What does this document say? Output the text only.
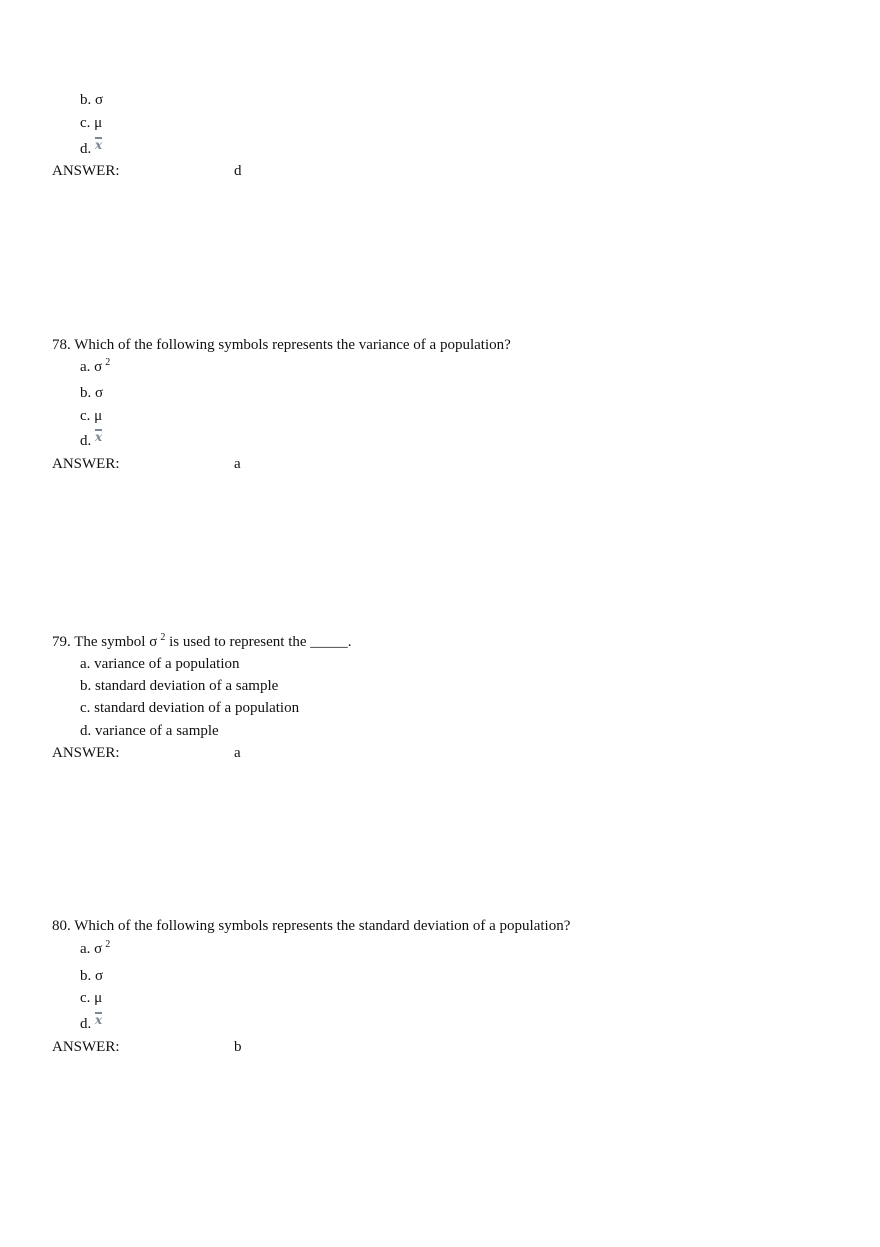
b. σ
c. μ
d. x
ANSWER:	d
78. Which of the following symbols represents the variance of a population?
a. σ $^2$
b. σ
c. μ
d. x
ANSWER:	a
79. The symbol σ $^2$ is used to represent the _____.
a. variance of a population
b. standard deviation of a sample
c. standard deviation of a population
d. variance of a sample
ANSWER:	a
80. Which of the following symbols represents the standard deviation of a population?
a. σ $^2$
b. σ
c. μ
d. x
ANSWER:	b
